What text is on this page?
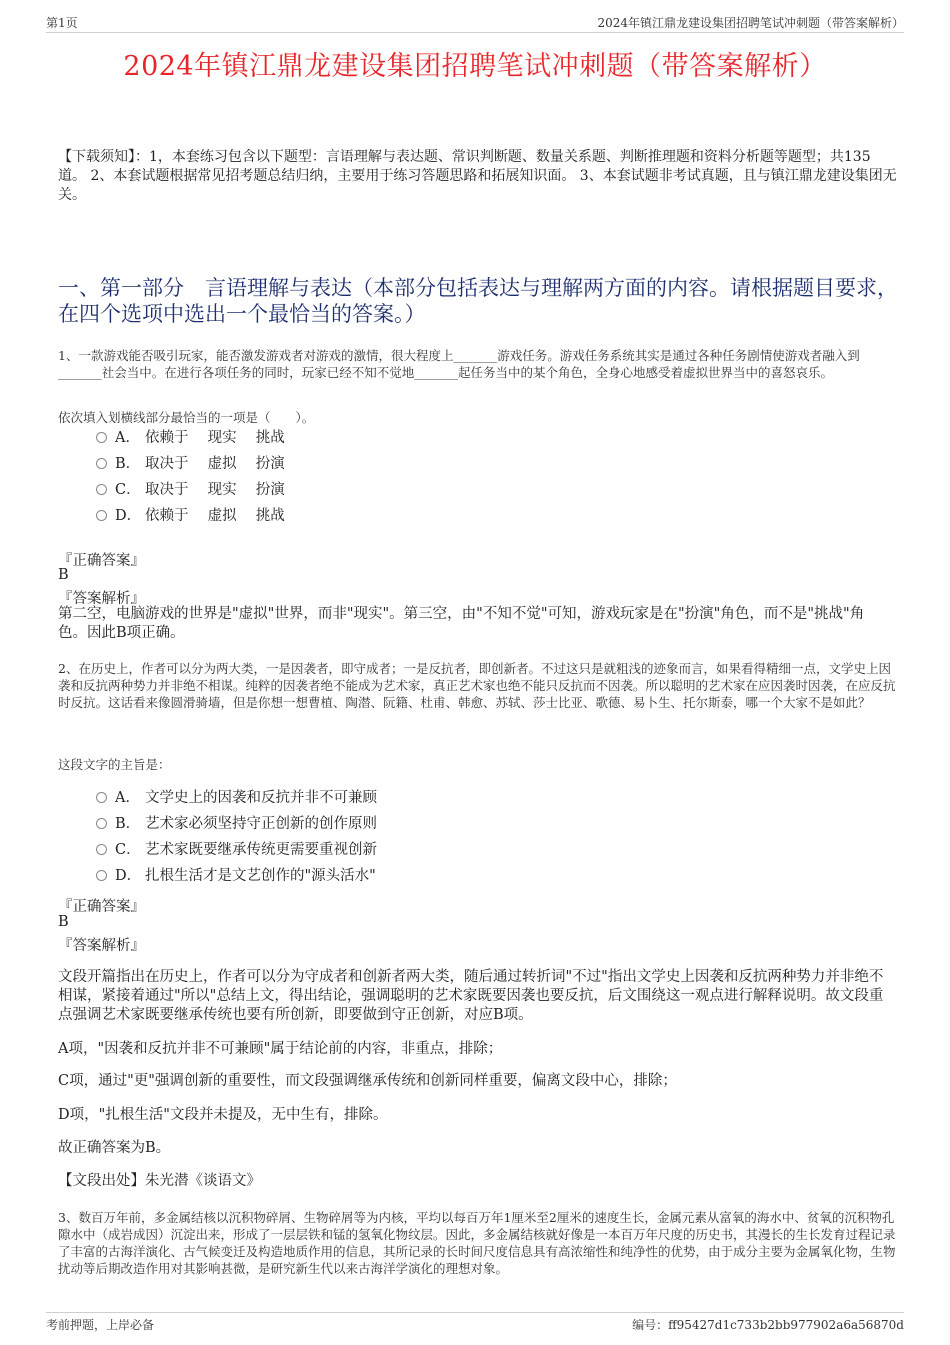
第1页	2024年镇江鼎龙建设集团招聘笔试冲刺题（带答案解析）
2024年镇江鼎龙建设集团招聘笔试冲刺题（带答案解析）
【下载须知】：1，本套练习包含以下题型：言语理解与表达题、常识判断题、数量关系题、判断推理题和资料分析题等题型；共135道。 2、本套试题根据常见招考题总结归纳，主要用于练习答题思路和拓展知识面。 3、本套试题非考试真题，且与镇江鼎龙建设集团无关。
一、第一部分　言语理解与表达（本部分包括表达与理解两方面的内容。请根据题目要求，在四个选项中选出一个最恰当的答案。）
1、一款游戏能否吸引玩家，能否激发游戏者对游戏的激情，很大程度上_______游戏任务。游戏任务系统其实是通过各种任务剧情使游戏者融入到_______社会当中。在进行各项任务的同时，玩家已经不知不觉地_______起任务当中的某个角色，全身心地感受着虚拟世界当中的喜怒哀乐。
依次填入划横线部分最恰当的一项是（　　）。
A． 依赖于　 现实　 挑战
B． 取决于　 虚拟　 扮演
C． 取决于　 现实　 扮演
D． 依赖于　 虚拟　 挑战
『正确答案』
B
『答案解析』
第二空，电脑游戏的世界是"虚拟"世界，而非"现实"。第三空，由"不知不觉"可知，游戏玩家是在"扮演"角色，而不是"挑战"角色。因此B项正确。
2、在历史上，作者可以分为两大类，一是因袭者，即守成者；一是反抗者，即创新者。不过这只是就粗浅的迹象而言，如果看得精细一点，文学史上因袭和反抗两种势力并非绝不相谋。纯粹的因袭者绝不能成为艺术家，真正艺术家也绝不能只反抗而不因袭。所以聪明的艺术家在应因袭时因袭，在应反抗时反抗。这话看来像圆滑骑墙，但是你想一想曹植、陶潜、阮籍、杜甫、韩愈、苏轼、莎士比亚、歌德、易卜生、托尔斯泰，哪一个大家不是如此？
这段文字的主旨是：
A． 文学史上的因袭和反抗并非不可兼顾
B． 艺术家必须坚持守正创新的创作原则
C． 艺术家既要继承传统更需要重视创新
D． 扎根生活才是文艺创作的"源头活水"
『正确答案』
B
『答案解析』
文段开篇指出在历史上，作者可以分为守成者和创新者两大类，随后通过转折词"不过"指出文学史上因袭和反抗两种势力并非绝不相谋，紧接着通过"所以"总结上文，得出结论，强调聪明的艺术家既要因袭也要反抗，后文围绕这一观点进行解释说明。故文段重点强调艺术家既要继承传统也要有所创新，即要做到守正创新，对应B项。
A项，"因袭和反抗并非不可兼顾"属于结论前的内容，非重点，排除；
C项，通过"更"强调创新的重要性，而文段强调继承传统和创新同样重要，偏离文段中心，排除；
D项，"扎根生活"文段并未提及，无中生有，排除。
故正确答案为B。
【文段出处】朱光潜《谈语文》
3、数百万年前，多金属结核以沉积物碎屑、生物碎屑等为内核，平均以每百万年1厘米至2厘米的速度生长，金属元素从富氧的海水中、贫氧的沉积物孔隙水中（成岩成因）沉淀出来，形成了一层层铁和锰的氢氧化物纹层。因此，多金属结核就好像是一本百万年尺度的历史书，其漫长的生长发育过程记录了丰富的古海洋演化、古气候变迁及构造地质作用的信息，其所记录的长时间尺度信息具有高浓缩性和纯净性的优势，由于成分主要为金属氧化物，生物扰动等后期改造作用对其影响甚微，是研究新生代以来古海洋学演化的理想对象。
考前押题，上岸必备	编号：ff95427d1c733b2bb977902a6a56870d
